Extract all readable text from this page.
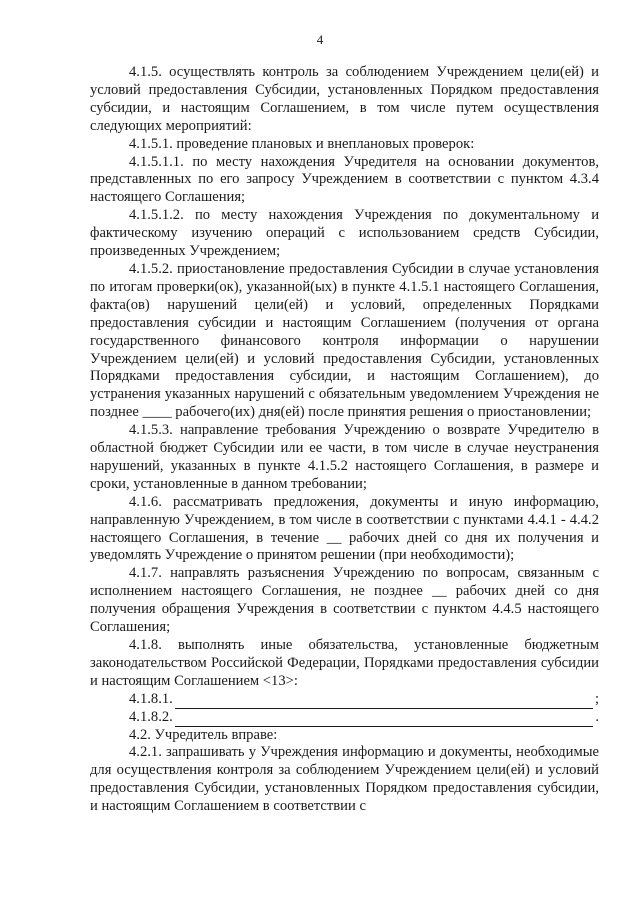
4

4.1.5. осуществлять контроль за соблюдением Учреждением цели(ей) и условий предоставления Субсидии, установленных Порядком предоставления субсидии, и настоящим Соглашением, в том числе путем осуществления следующих мероприятий:

4.1.5.1. проведение плановых и внеплановых проверок:

4.1.5.1.1. по месту нахождения Учредителя на основании документов, представленных по его запросу Учреждением в соответствии с пунктом 4.3.4 настоящего Соглашения;

4.1.5.1.2. по месту нахождения Учреждения по документальному и фактическому изучению операций с использованием средств Субсидии, произведенных Учреждением;

4.1.5.2. приостановление предоставления Субсидии в случае установления по итогам проверки(ок), указанной(ых) в пункте 4.1.5.1 настоящего Соглашения, факта(ов) нарушений цели(ей) и условий, определенных Порядками предоставления субсидии и настоящим Соглашением (получения от органа государственного финансового контроля информации о нарушении Учреждением цели(ей) и условий предоставления Субсидии, установленных Порядками предоставления субсидии, и настоящим Соглашением), до устранения указанных нарушений с обязательным уведомлением Учреждения не позднее ____ рабочего(их) дня(ей) после принятия решения о приостановлении;

4.1.5.3. направление требования Учреждению о возврате Учредителю в областной бюджет Субсидии или ее части, в том числе в случае неустранения нарушений, указанных в пункте 4.1.5.2 настоящего Соглашения, в размере и сроки, установленные в данном требовании;

4.1.6. рассматривать предложения, документы и иную информацию, направленную Учреждением, в том числе в соответствии с пунктами 4.4.1 - 4.4.2 настоящего Соглашения, в течение __ рабочих дней со дня их получения и уведомлять Учреждение о принятом решении (при необходимости);

4.1.7. направлять разъяснения Учреждению по вопросам, связанным с исполнением настоящего Соглашения, не позднее __ рабочих дней со дня получения обращения Учреждения в соответствии с пунктом 4.4.5 настоящего Соглашения;

4.1.8. выполнять иные обязательства, установленные бюджетным законодательством Российской Федерации, Порядками предоставления субсидии и настоящим Соглашением <13>:

4.1.8.1.	;
4.1.8.2.	.

4.2. Учредитель вправе:

4.2.1. запрашивать у Учреждения информацию и документы, необходимые для осуществления контроля за соблюдением Учреждением цели(ей) и условий предоставления Субсидии, установленных Порядком предоставления субсидии, и настоящим Соглашением в соответствии с
